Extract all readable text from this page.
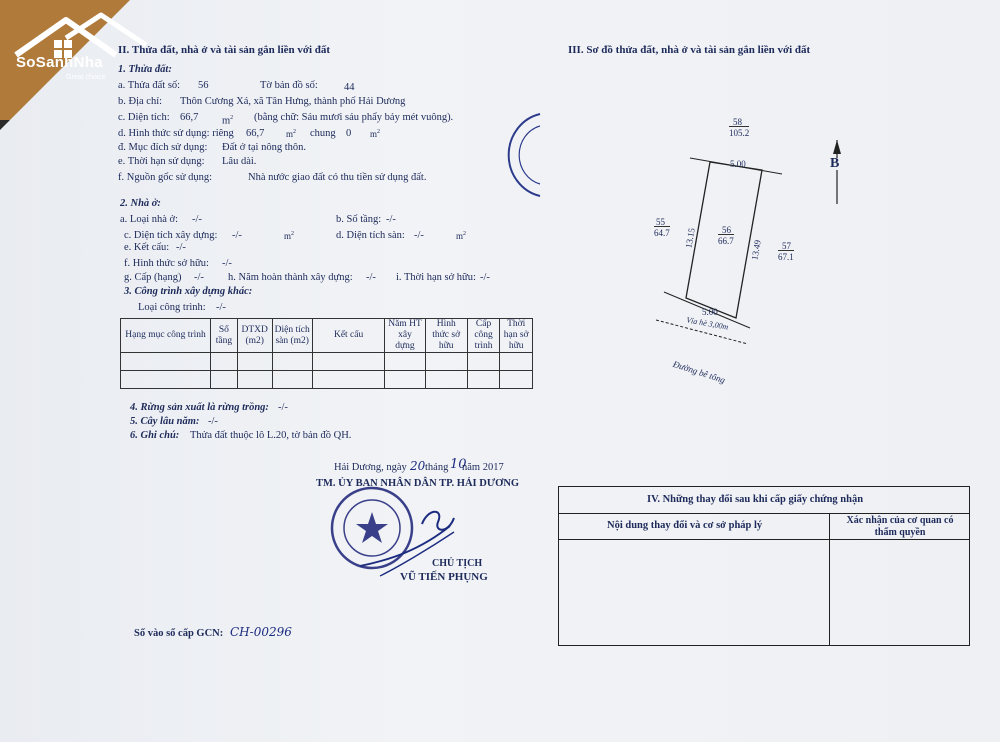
SoSanhNha
Great choice
II. Thửa đất, nhà ở và tài sản gắn liền với đất
1. Thửa đất:
a. Thửa đất số: 56	Tờ bản đồ số: 44
b. Địa chỉ: Thôn Cương Xá, xã Tân Hưng, thành phố Hải Dương
c. Diện tích: 66,7 $m^2$ (bằng chữ: Sáu mươi sáu phẩy bảy mét vuông).
d. Hình thức sử dụng: riêng 66,7 $m^2$ chung 0 $m^2$
đ. Mục đích sử dụng: Đất ở tại nông thôn.
e. Thời hạn sử dụng: Lâu dài.
f. Nguồn gốc sử dụng:	Nhà nước giao đất có thu tiền sử dụng đất.
2. Nhà ở:
a. Loại nhà ở: -/-	b. Số tầng: -/-
c. Diện tích xây dựng: -/-	$m^2$	d. Diện tích sàn: -/-	$m^2$
e. Kết cấu: -/-
f. Hình thức sở hữu: -/-
g. Cấp (hạng) -/- h. Năm hoàn thành xây dựng: -/- i. Thời hạn sở hữu: -/-
3. Công trình xây dựng khác:
Loại công trình: -/-
Hạng mục công trình	Số tầng	DTXD (m2)	Diện tích sàn (m2)	Kết cấu	Năm HT xây dựng	Hình thức sở hữu	Cấp công trình	Thời hạn sở hữu

4. Rừng sản xuất là rừng trồng: -/-
5. Cây lâu năm: -/-
6. Ghi chú: Thửa đất thuộc lô L.20, tờ bản đồ QH.
Hải Dương, ngày 20 tháng 10
năm 2017
TM. ỦY BAN NHÂN DÂN TP. HẢI DƯƠNG
CHỦ TỊCH
VŨ TIẾN PHỤNG
Số vào sổ cấp GCN: CH-00296
III. Sơ đồ thửa đất, nhà ở và tài sản gắn liền với đất
B
58
105.2
55
64.7	56
66.7	57
67.1
5.00
5.00
13.15
13.49
Vỉa hè 3,00m
Đường bê tông
IV. Những thay đổi sau khi cấp giấy chứng nhận
Nội dung thay đổi và cơ sở pháp lý	Xác nhận của cơ quan có thẩm quyền
